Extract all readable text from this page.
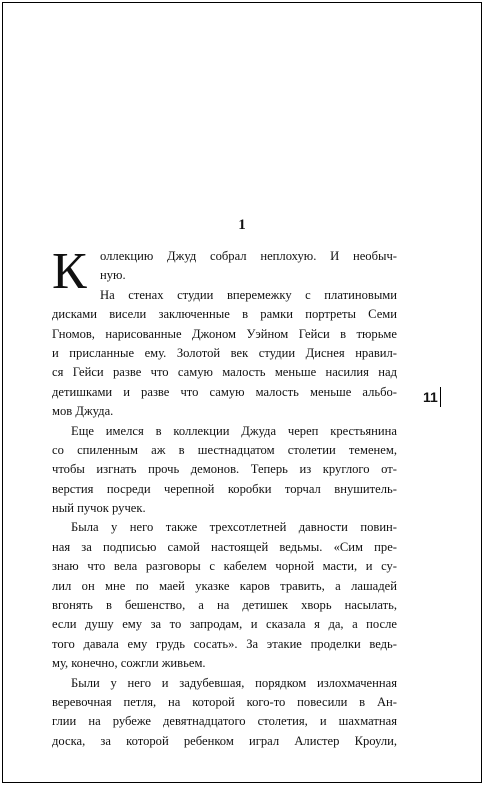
1
К	оллекцию Джуд собрал неплохую. И необыч-
ную.
На стенах студии вперемежку с платиновыми
дисками висели заключенные в рамки портреты Семи
Гномов, нарисованные Джоном Уэйном Гейси в тюрьме
и присланные ему. Золотой век студии Диснея нравил-
ся Гейси разве что самую малость меньше насилия над
детишками и разве что самую малость меньше альбо-
мов Джуда.
Еще имелся в коллекции Джуда череп крестьянина
со спиленным аж в шестнадцатом столетии теменем,
чтобы изгнать прочь демонов. Теперь из круглого от-
верстия посреди черепной коробки торчал внушитель-
ный пучок ручек.
Была у него также трехсотлетней давности повин-
ная за подписью самой настоящей ведьмы. «Сим пре-
знаю что вела разговоры с кабелем чорной масти, и су-
лил он мне по маей указке каров травить, а лашадей
вгонять в бешенство, а на детишек хворь насылать,
если душу ему за то запродам, и сказала я да, а после
того давала ему грудь сосать». За этакие проделки ведь-
му, конечно, сожгли живьем.
Были у него и задубевшая, порядком излохмаченная
веревочная петля, на которой кого-то повесили в Ан-
глии на рубеже девятнадцатого столетия, и шахматная
доска, за которой ребенком играл Алистер Кроули,
11
